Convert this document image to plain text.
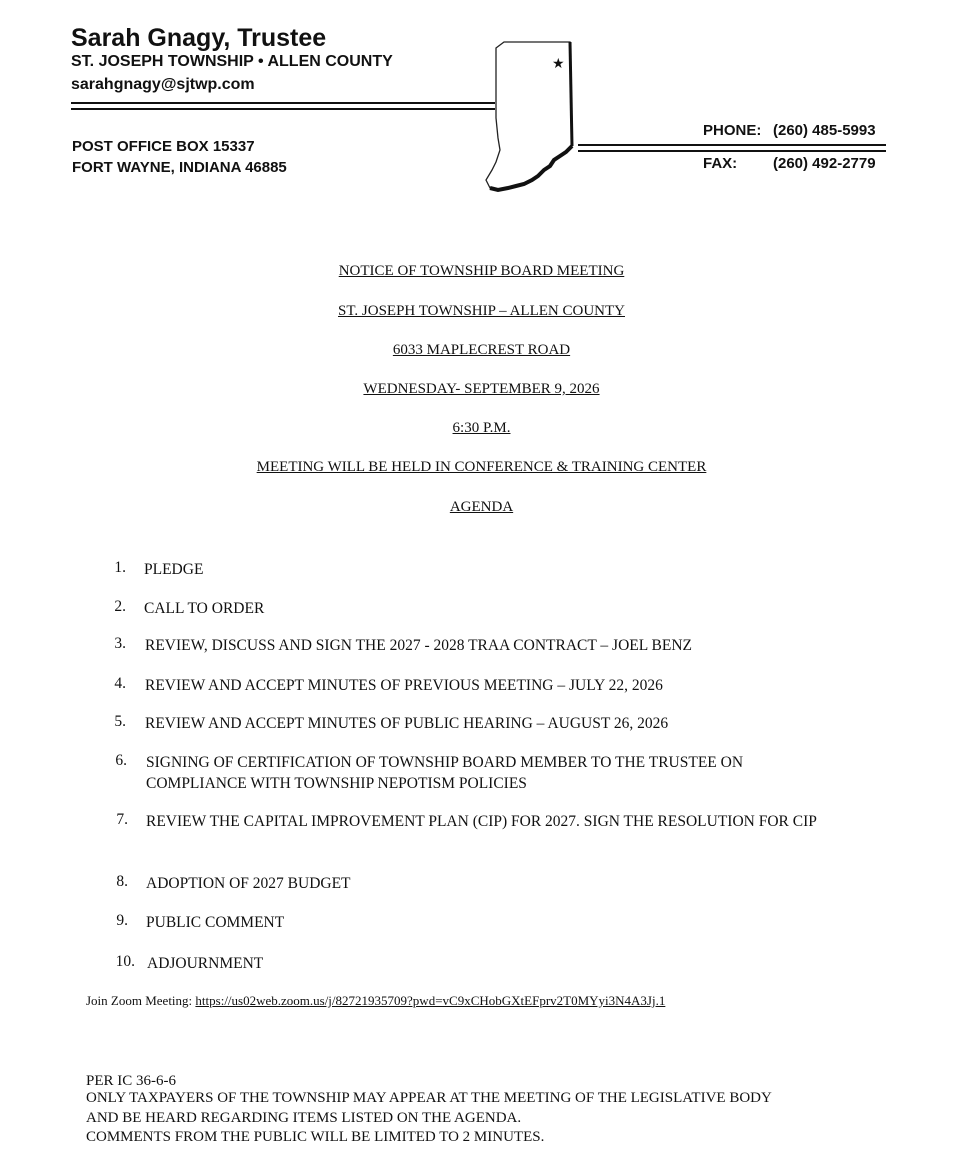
Sarah Gnagy, Trustee
ST. JOSEPH TOWNSHIP • ALLEN COUNTY
sarahgnagy@sjtwp.com
POST OFFICE BOX 15337
FORT WAYNE, INDIANA 46885
★
PHONE: (260) 485-5993
FAX: (260) 492-2779
NOTICE OF TOWNSHIP BOARD MEETING
ST. JOSEPH TOWNSHIP – ALLEN COUNTY
6033 MAPLECREST ROAD
WEDNESDAY- SEPTEMBER 9, 2026
6:30 P.M.
MEETING WILL BE HELD IN CONFERENCE & TRAINING CENTER
AGENDA
1. PLEDGE
2. CALL TO ORDER
3. REVIEW, DISCUSS AND SIGN THE 2027 - 2028 TRAA CONTRACT – JOEL BENZ
4. REVIEW AND ACCEPT MINUTES OF PREVIOUS MEETING – JULY 22, 2026
5. REVIEW AND ACCEPT MINUTES OF PUBLIC HEARING – AUGUST 26, 2026
6. SIGNING OF CERTIFICATION OF TOWNSHIP BOARD MEMBER TO THE TRUSTEE ON COMPLIANCE WITH TOWNSHIP NEPOTISM POLICIES
7. REVIEW THE CAPITAL IMPROVEMENT PLAN (CIP) FOR 2027. SIGN THE RESOLUTION FOR CIP
8. ADOPTION OF 2027 BUDGET
9. PUBLIC COMMENT
10. ADJOURNMENT
Join Zoom Meeting: https://us02web.zoom.us/j/82721935709?pwd=vC9xCHobGXtEFprv2T0MYyi3N4A3Jj.1
PER IC 36-6-6
ONLY TAXPAYERS OF THE TOWNSHIP MAY APPEAR AT THE MEETING OF THE LEGISLATIVE BODY
AND BE HEARD REGARDING ITEMS LISTED ON THE AGENDA.
COMMENTS FROM THE PUBLIC WILL BE LIMITED TO 2 MINUTES.
